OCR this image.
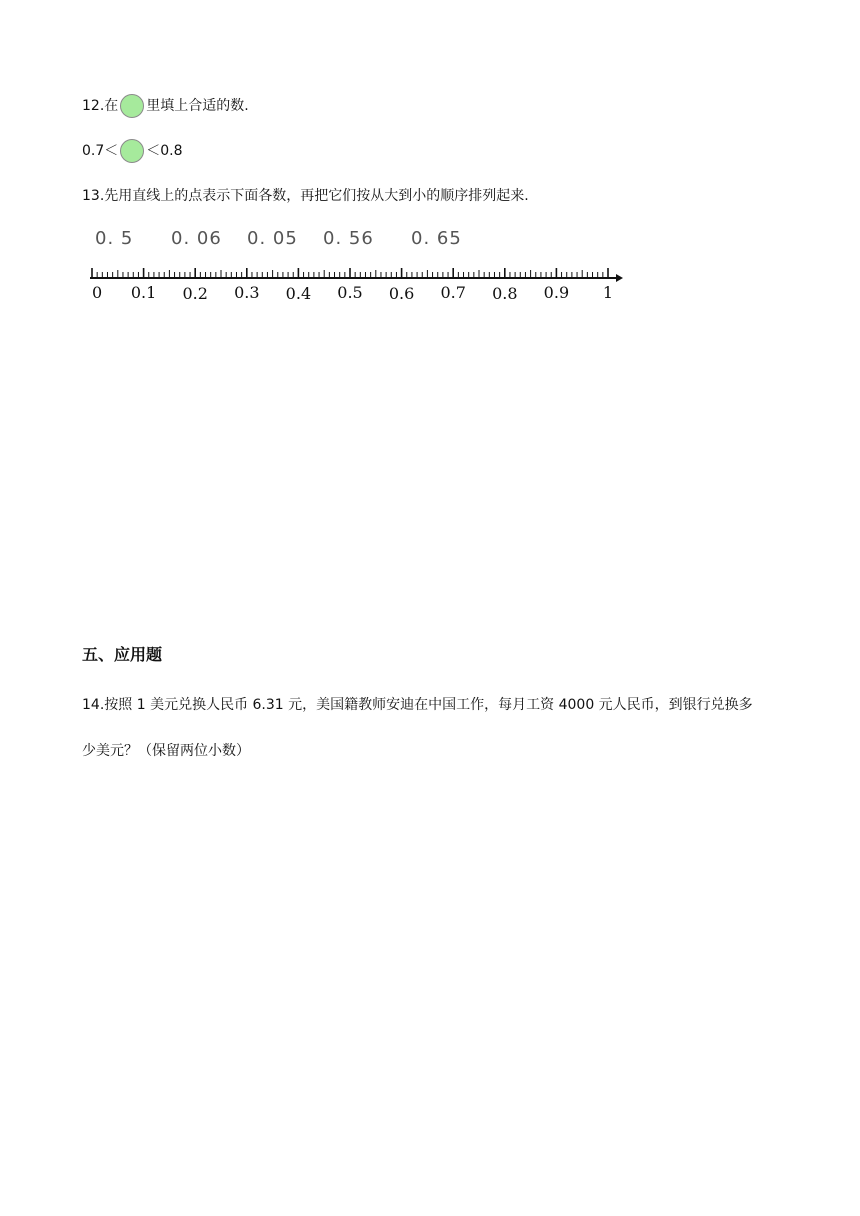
12.在 里填上合适的数.
0.7＜ ＜0.8
13.先用直线上的点表示下面各数，再把它们按从大到小的顺序排列起来.
0. 5 0. 06 0. 05 0. 56 0. 65
0 0.1 0.2 0.3 0.4 0.5 0.6 0.7 0.8 0.9 1
五、应用题
14.按照 1 美元兑换人民币 6.31 元，美国籍教师安迪在中国工作，每月工资 4000 元人民币，到银行兑换多
少美元？（保留两位小数）
